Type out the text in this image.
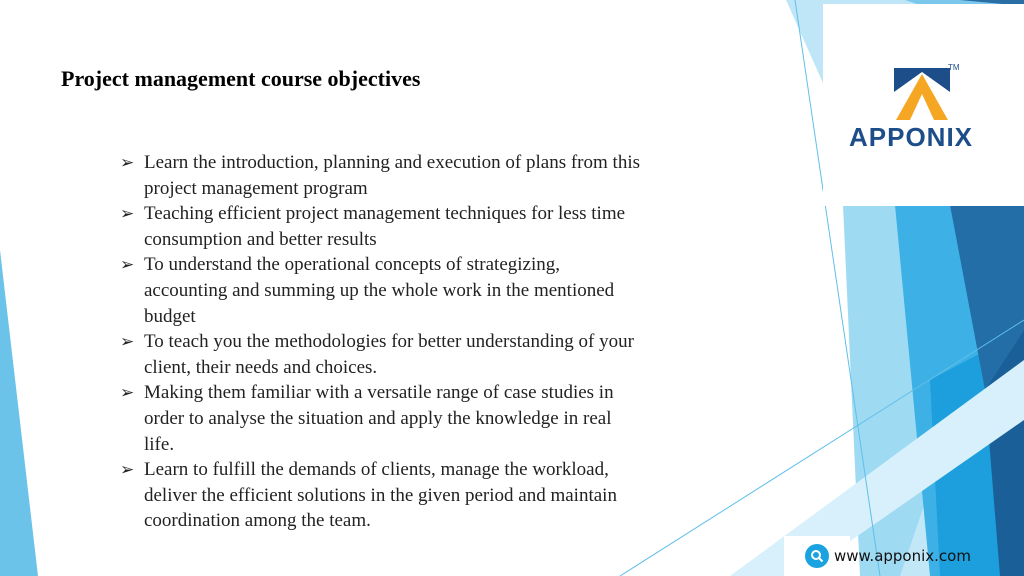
Project management course objectives
➢ Learn the introduction, planning and execution of plans from this project management program
➢ Teaching efficient project management techniques for less time consumption and better results
➢ To understand the operational concepts of strategizing, accounting and summing up the whole work in the mentioned budget
➢ To teach you the methodologies for better understanding of your client, their needs and choices.
➢ Making them familiar with a versatile range of case studies in order to analyse the situation and apply the knowledge in real life.
➢ Learn to fulfill the demands of clients, manage the workload, deliver the efficient solutions in the given period and maintain coordination among the team.
TM
APPONIX
www.apponix.com
